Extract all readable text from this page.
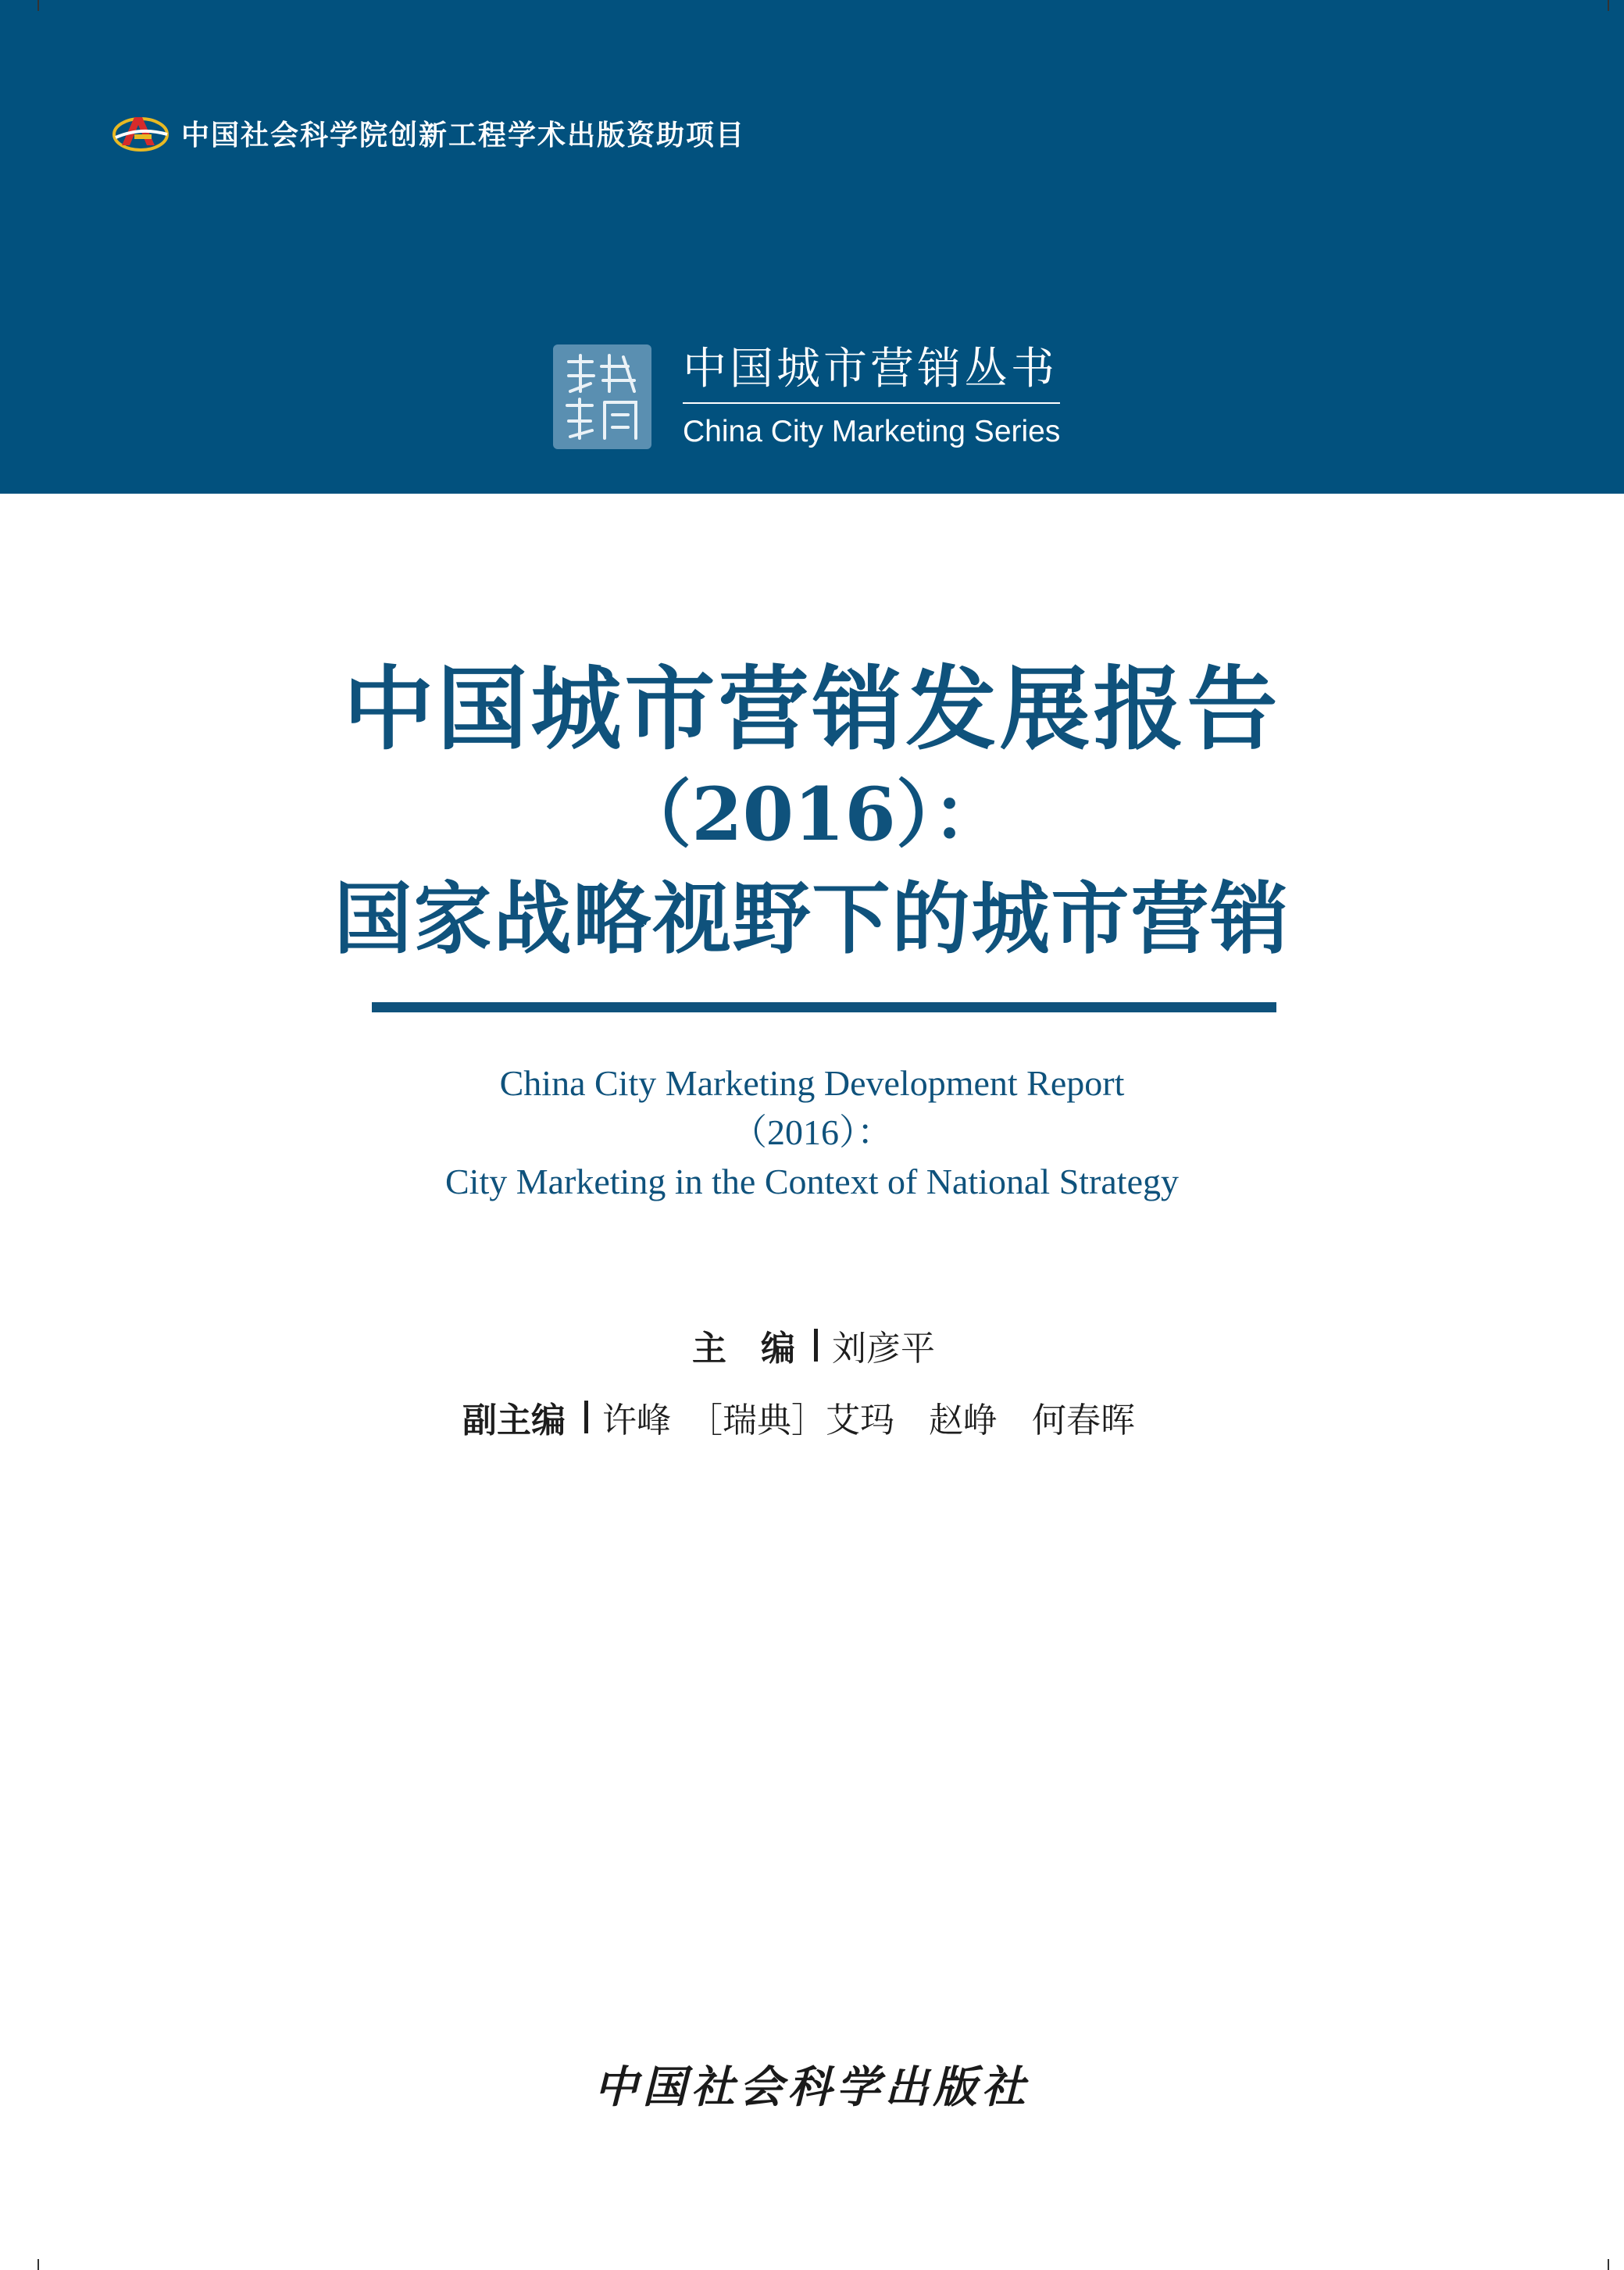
中国社会科学院创新工程学术出版资助项目
中国城市营销丛书
China City Marketing Series
中国城市营销发展报告
（2016）：
国家战略视野下的城市营销
China City Marketing Development Report
（2016）：
City Marketing in the Context of National Strategy
主　编 刘彦平
副主编 许峰　［瑞典］艾玛　赵峥　何春晖
中国社会科学出版社
